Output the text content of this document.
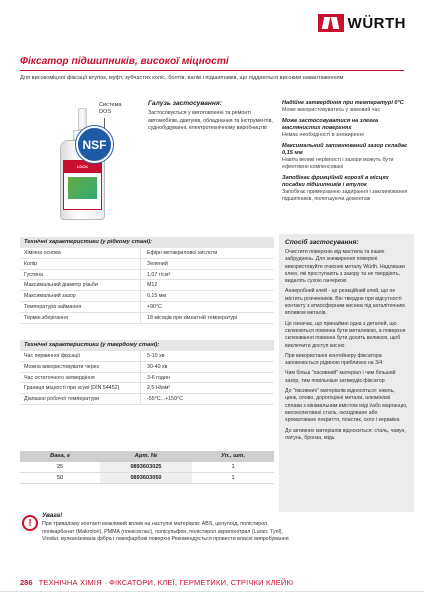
WÜRTH
Фіксатор підшипників, високої міцності
Для високоміцної фіксації втулок, муфт, зубчастих коліс, болтів, валів і підшипників, що піддаються високим навантаженням
LOCK
Система DOS
NSF
Галузь застосування:
Застосовується у виготовленні та ремонті автомобілів, двигунів, обладнання та інструментів, суднобудуванні, електротехнічному виробництві
Надійне затвердіння при температурі 0°C
Може використовуватись у зимовий час
Може застосовуватися на злегка маслянистих поверхнях
Немає необхідності в знежиренні
Максимальний заповнюваний зазор складає 0,15 мм
Навіть великі нерівності і зазори можуть бути ефективно компенсовані
Запобігає фрикційній корозії в місцях посадки підшипників і втулок
Запобігає примерзанню задирання і заклинювання підшипників, полегшуючи демонтаж
Технічні характеристики (у рідкому стані):
Хімічна основа	Ефірн метакрилової кислоти
Колір	Зелений
Густина	1,07 г/см³
Максимальний діаметр різьби	M12
Максимальний зазор	0,15 мм
Температура займання	+90°C
Термін зберігання	18 місяців при кімнатній температурі
Технічні характеристики (у твердому стані):
Час первинної фіксації	5-10 хв
Можна використовувати через	30-40 хв
Час остаточного затвердіння	3-6 годин
Границя міцності при зсуві (DIN 54452)	2,5 Н/мм²
Діапазон робочої температури	-55°C...+150°C
Спосіб застосування:

Очистити поверхню від мастила та інших забруднень. Для знежирення поверхні використовуйте очисник металу Würth. Надлишки клею, які проступають з зазору та не твердіють, видаліть сухою ганчіркою

Анаеробний клей - це реакційний клей, що не містить розчинників. Він твердне при відсутності контакту з атмосферним киснем під каталітичним впливом металів.

Це означає, що принаймні одна з деталей, що склеюються повинна бути металевою, а поверхня склеювання повинна бути досить великою, щоб виключити доступ кисню

При використанні контейнеру фіксатора заповнюється рідиною приблизно на 3/4

Чим більш "пасивний" матеріал і чим більший зазор, тим повільніше затвердіє фіксатор

До "пасивних" матеріалів відносяться: нікель, цинк, олово, дорогоцінні метали, алюмінієві сплави з мінімальним вмістом міді і/або марганцю, високолеговані сталь, оксидоване або хроматоване покриття, пластик, скло і кераміка

До активних матеріалів відноситься: сталь, чавун, латунь, бронза, мідь

Вага, г	Арт. №	Уп., шт.
25	0893603025	1
50	0893603050	1
!
Увага!
При тривалому контакті можливий вплив на наступні матеріали: ABS, целулоїд, полістирол, полікарбонат (Makrolon), PMMA (плексиглас), полісульфон, полістирол акрилонітрил (Luran, Tyril), Vinidur, вулканізована фібра і лакофарбові поверхні Рекомендується провести власні випробування
286 ТЕХНІЧНА ХІМІЯ · ФІКСАТОРИ, КЛЕЇ, ГЕРМЕТИКИ, СТРІЧКИ КЛЕЙКІ
